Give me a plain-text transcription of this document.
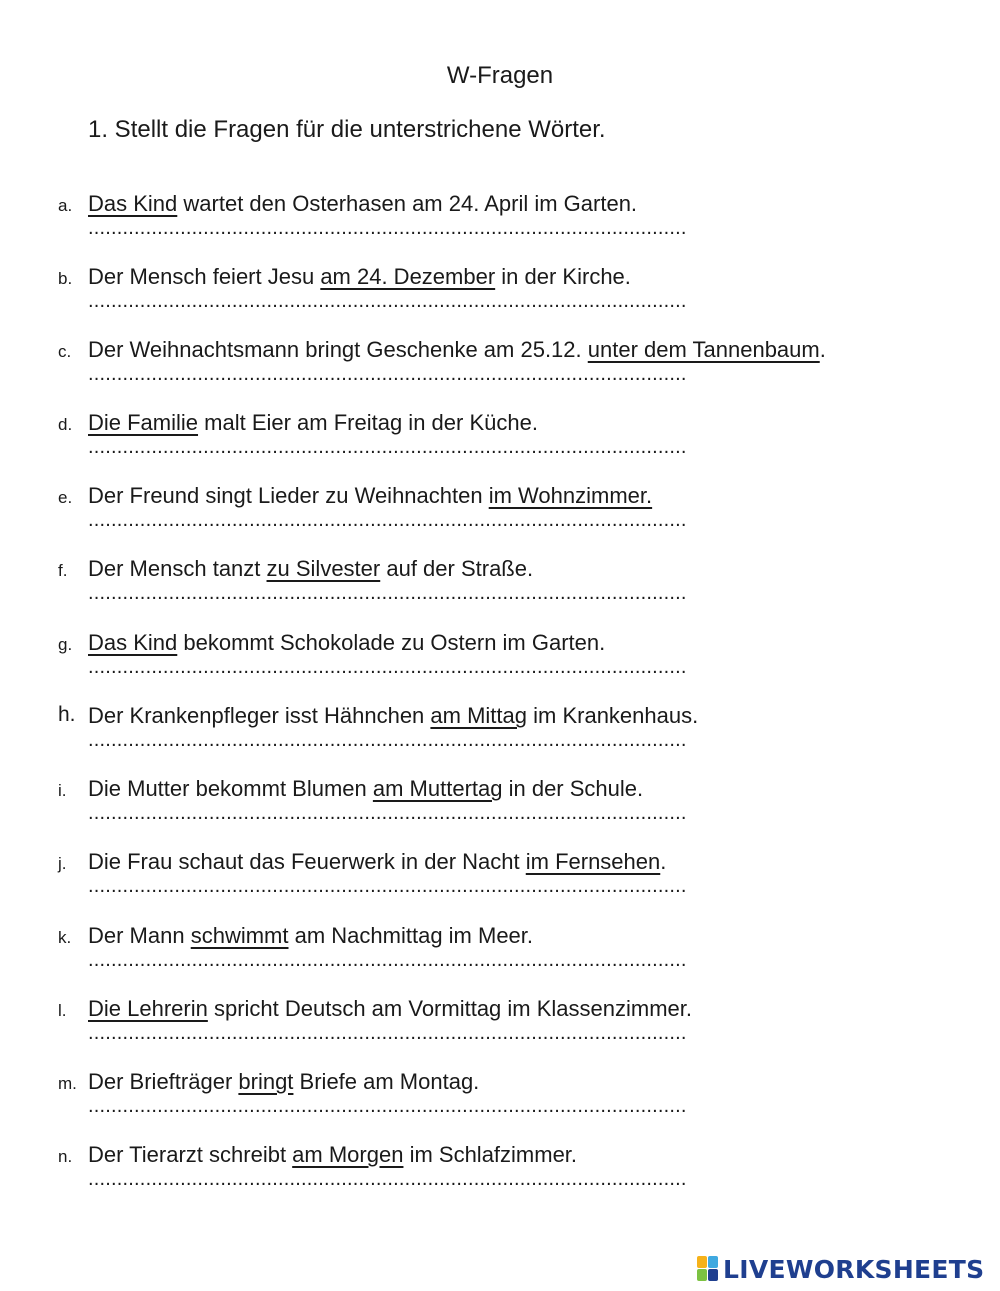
W-Fragen
1. Stellt die Fragen für die unterstrichene Wörter.
a. Das Kind wartet den Osterhasen am 24. April im Garten.
........................................................................................................
b. Der Mensch feiert Jesu am 24. Dezember in der Kirche.
........................................................................................................
c. Der Weihnachtsmann bringt Geschenke am 25.12. unter dem Tannenbaum.
........................................................................................................
d. Die Familie malt Eier am Freitag in der Küche.
........................................................................................................
e. Der Freund singt Lieder zu Weihnachten im Wohnzimmer.
........................................................................................................
f. Der Mensch tanzt zu Silvester auf der Straße.
........................................................................................................
g. Das Kind bekommt Schokolade zu Ostern im Garten.
........................................................................................................
h. Der Krankenpfleger isst Hähnchen am Mittag im Krankenhaus.
........................................................................................................
i. Die Mutter bekommt Blumen am Muttertag in der Schule.
........................................................................................................
j. Die Frau schaut das Feuerwerk in der Nacht im Fernsehen.
........................................................................................................
k. Der Mann schwimmt am Nachmittag im Meer.
........................................................................................................
l. Die Lehrerin spricht Deutsch am Vormittag im Klassenzimmer.
........................................................................................................
m. Der Briefträger bringt Briefe am Montag.
........................................................................................................
n. Der Tierarzt schreibt am Morgen im Schlafzimmer.
........................................................................................................
LIVEWORKSHEETS
